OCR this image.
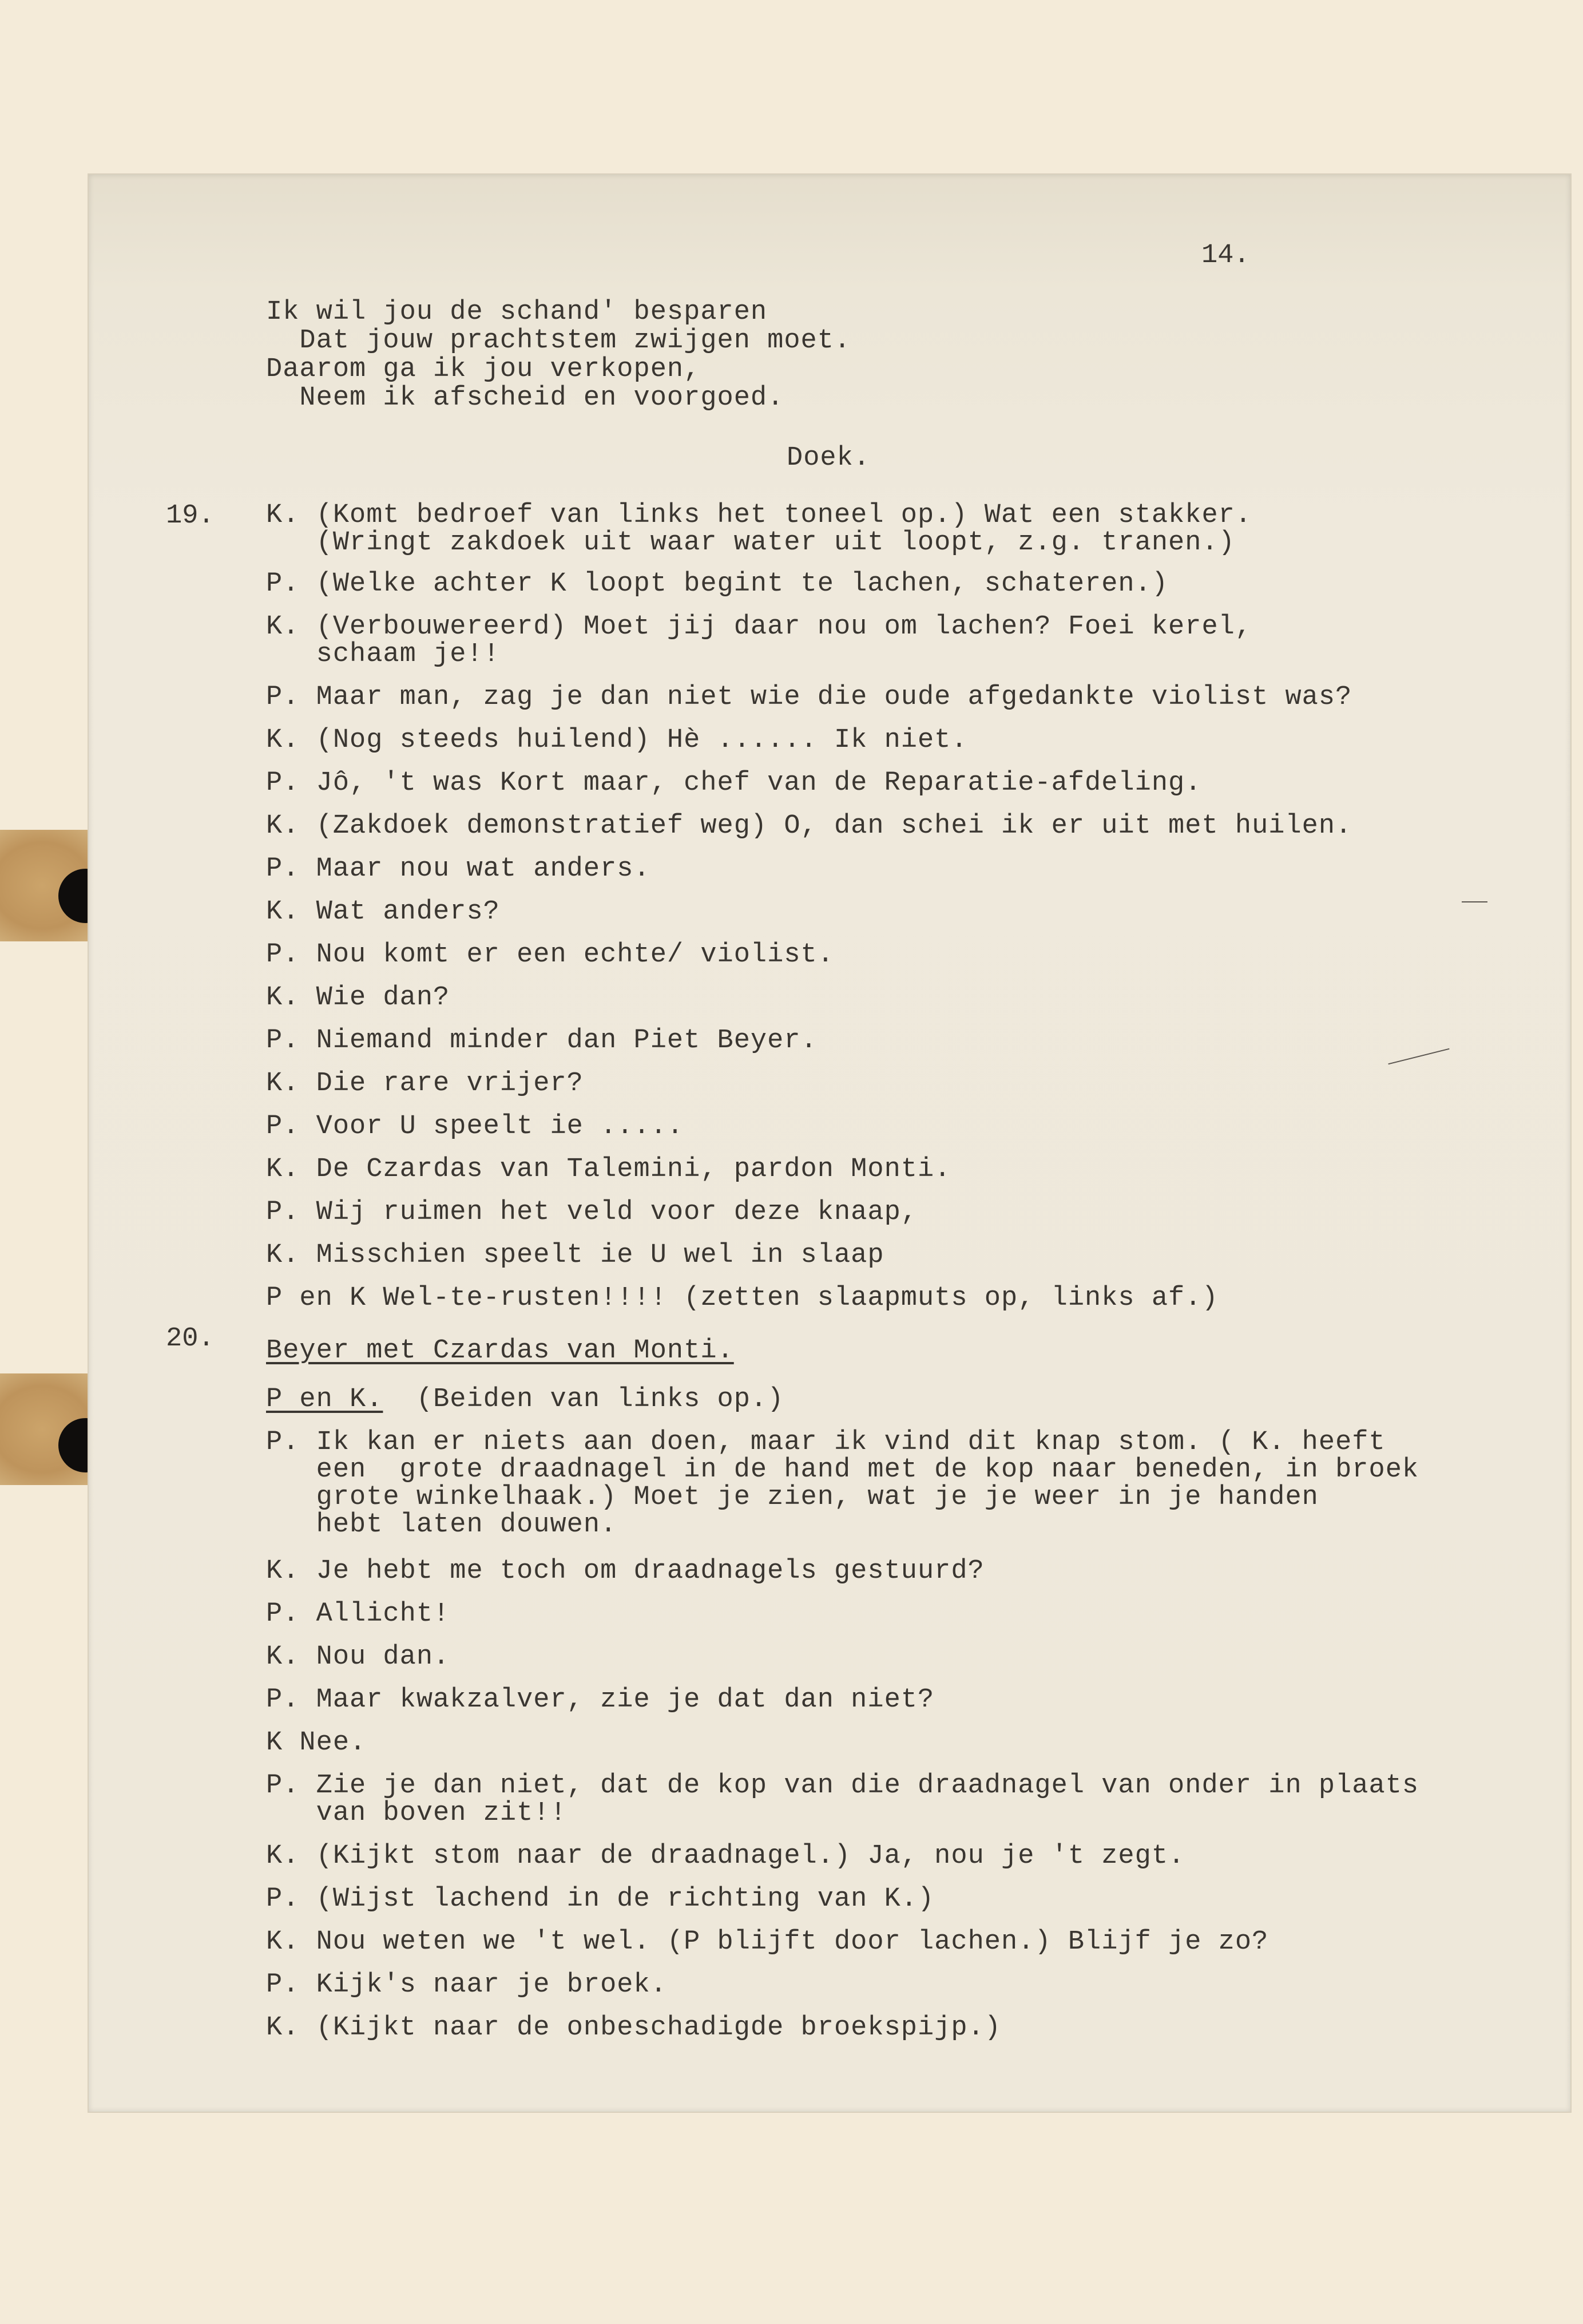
14.
Ik wil jou de schand' besparen
Dat jouw prachtstem zwijgen moet.
Daarom ga ik jou verkopen,
Neem ik afscheid en voorgoed.
Doek.
19. K. (Komt bedroef van links het toneel op.) Wat een stakker.
(Wringt zakdoek uit waar water uit loopt, z.g. tranen.)
P. (Welke achter K loopt begint te lachen, schateren.)
K. (Verbouwereerd) Moet jij daar nou om lachen? Foei kerel,
schaam je!!
P. Maar man, zag je dan niet wie die oude afgedankte violist was?
K. (Nog steeds huilend) Hè ...... Ik niet.
P. Jô, 't was Kort maar, chef van de Reparatie-afdeling.
K. (Zakdoek demonstratief weg) O, dan schei ik er uit met huilen.
P. Maar nou wat anders.
K. Wat anders?
P. Nou komt er een echte/ violist.
K. Wie dan?
P. Niemand minder dan Piet Beyer.
K. Die rare vrijer?
P. Voor U speelt ie .....
K. De Czardas van Talemini, pardon Monti.
P. Wij ruimen het veld voor deze knaap,
K. Misschien speelt ie U wel in slaap
P en K Wel-te-rusten!!!! (zetten slaapmuts op, links af.)
20. Beyer met Czardas van Monti.
P en K. (Beiden van links op.)
P. Ik kan er niets aan doen, maar ik vind dit knap stom. ( K. heeft
een  grote draadnagel in de hand met de kop naar beneden, in broek
grote winkelhaak.) Moet je zien, wat je je weer in je handen
hebt laten douwen.
K. Je hebt me toch om draadnagels gestuurd?
P. Allicht!
K. Nou dan.
P. Maar kwakzalver, zie je dat dan niet?
K Nee.
P. Zie je dan niet, dat de kop van die draadnagel van onder in plaats
van boven zit!!
K. (Kijkt stom naar de draadnagel.) Ja, nou je 't zegt.
P. (Wijst lachend in de richting van K.)
K. Nou weten we 't wel. (P blijft door lachen.) Blijf je zo?
P. Kijk's naar je broek.
K. (Kijkt naar de onbeschadigde broekspijp.)
